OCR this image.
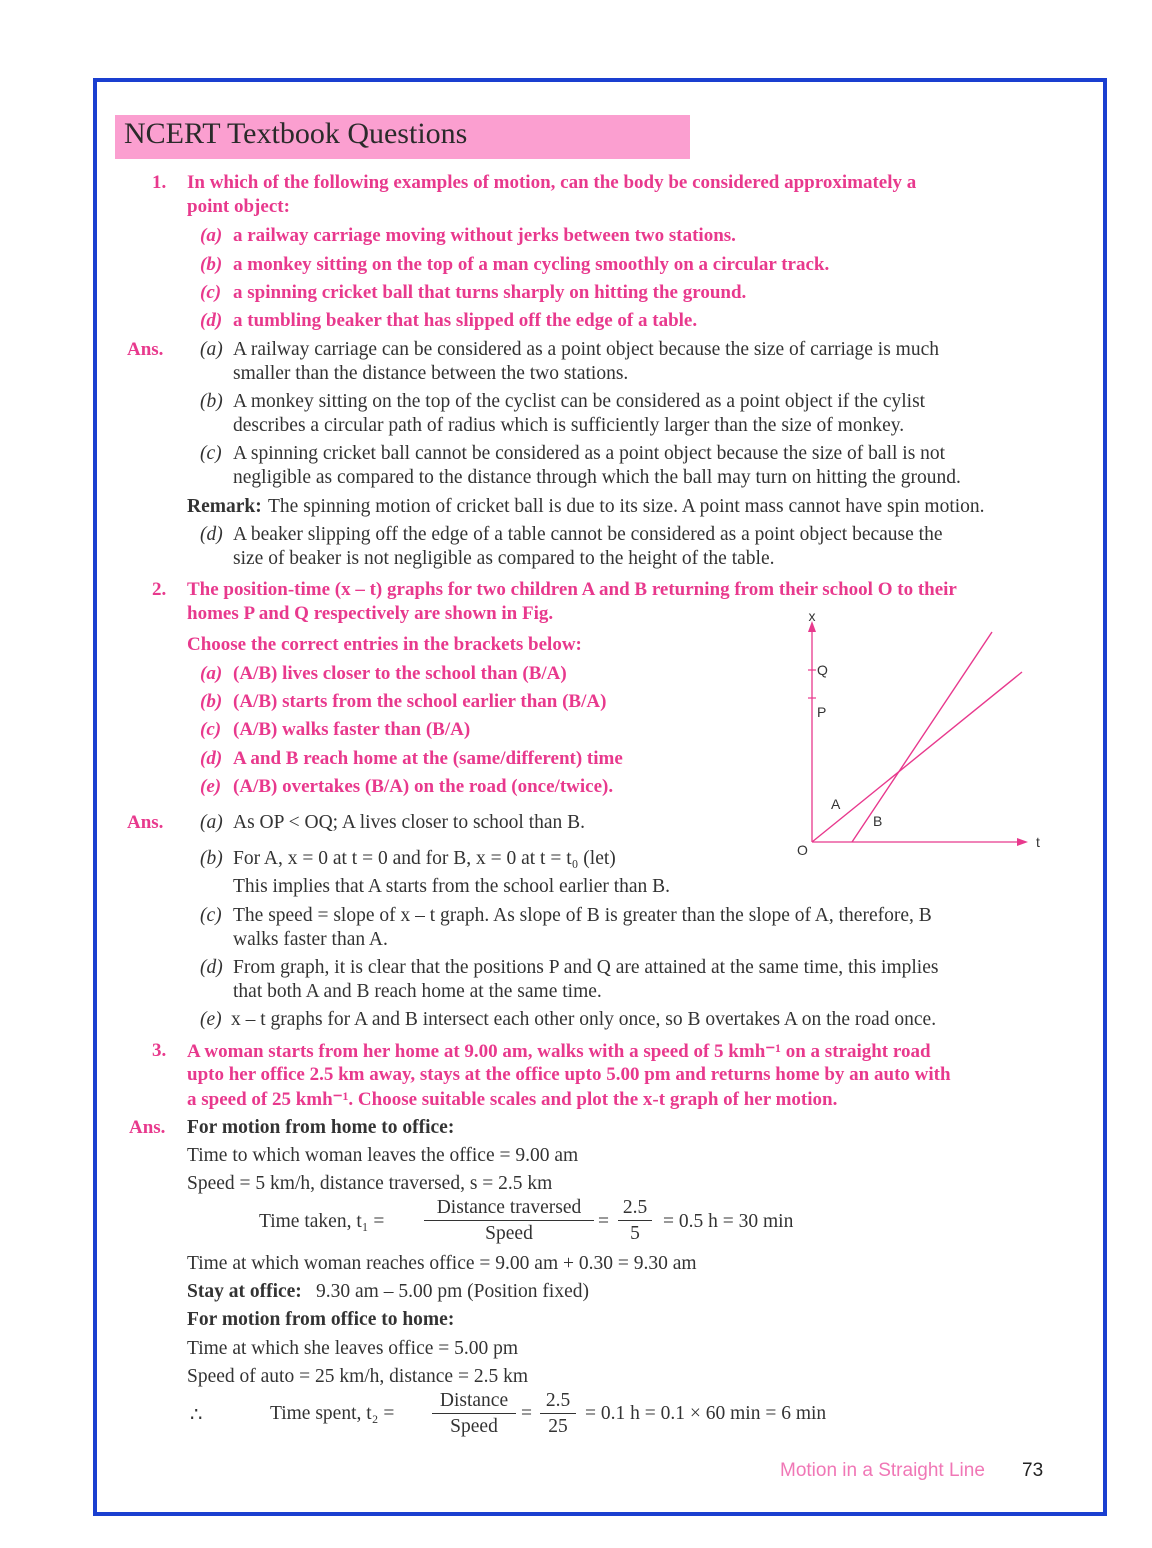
NCERT Textbook Questions
1. In which of the following examples of motion, can the body be considered approximately a
point object:
(a) a railway carriage moving without jerks between two stations.
(b) a monkey sitting on the top of a man cycling smoothly on a circular track.
(c) a spinning cricket ball that turns sharply on hitting the ground.
(d) a tumbling beaker that has slipped off the edge of a table.
Ans. (a) A railway carriage can be considered as a point object because the size of carriage is much
smaller than the distance between the two stations.
(b) A monkey sitting on the top of the cyclist can be considered as a point object if the cylist
describes a circular path of radius which is sufficiently larger than the size of monkey.
(c) A spinning cricket ball cannot be considered as a point object because the size of ball is not
negligible as compared to the distance through which the ball may turn on hitting the ground.
Remark: The spinning motion of cricket ball is due to its size. A point mass cannot have spin motion.
(d) A beaker slipping off the edge of a table cannot be considered as a point object because the
size of beaker is not negligible as compared to the height of the table.
2. The position-time (x – t) graphs for two children A and B returning from their school O to their
homes P and Q respectively are shown in Fig.
Choose the correct entries in the brackets below:
(a) (A/B) lives closer to the school than (B/A)
(b) (A/B) starts from the school earlier than (B/A)
(c) (A/B) walks faster than (B/A)
(d) A and B reach home at the (same/different) time
(e) (A/B) overtakes (B/A) on the road (once/twice).
x
t
O
Q
P
A
B
Ans. (a) As OP < OQ; A lives closer to school than B.
(b) For A, x = 0 at t = 0 and for B, x = 0 at t = t₀ (let)
This implies that A starts from the school earlier than B.
(c) The speed = slope of x – t graph. As slope of B is greater than the slope of A, therefore, B
walks faster than A.
(d) From graph, it is clear that the positions P and Q are attained at the same time, this implies
that both A and B reach home at the same time.
(e) x – t graphs for A and B intersect each other only once, so B overtakes A on the road once.
3. A woman starts from her home at 9.00 am, walks with a speed of 5 kmh⁻¹ on a straight road
upto her office 2.5 km away, stays at the office upto 5.00 pm and returns home by an auto with
a speed of 25 kmh⁻¹. Choose suitable scales and plot the x-t graph of her motion.
Ans. For motion from home to office:
Time to which woman leaves the office = 9.00 am
Speed = 5 km/h, distance traversed, s = 2.5 km
Time taken, t₁ =
Distance traversed
Speed
= $\frac{2.5}{5} = 0.5$ h = 30 min
Time at which woman reaches office = 9.00 am + 0.30 = 9.30 am
Stay at office: 9.30 am – 5.00 pm (Position fixed)
For motion from office to home:
Time at which she leaves office = 5.00 pm
Speed of auto = 25 km/h, distance = 2.5 km
∴	Time spent, t₂ =
Distance
Speed
= $\frac{2.5}{25} = 0.1$ h = 0.1 × 60 min = 6 min
Motion in a Straight Line 73
